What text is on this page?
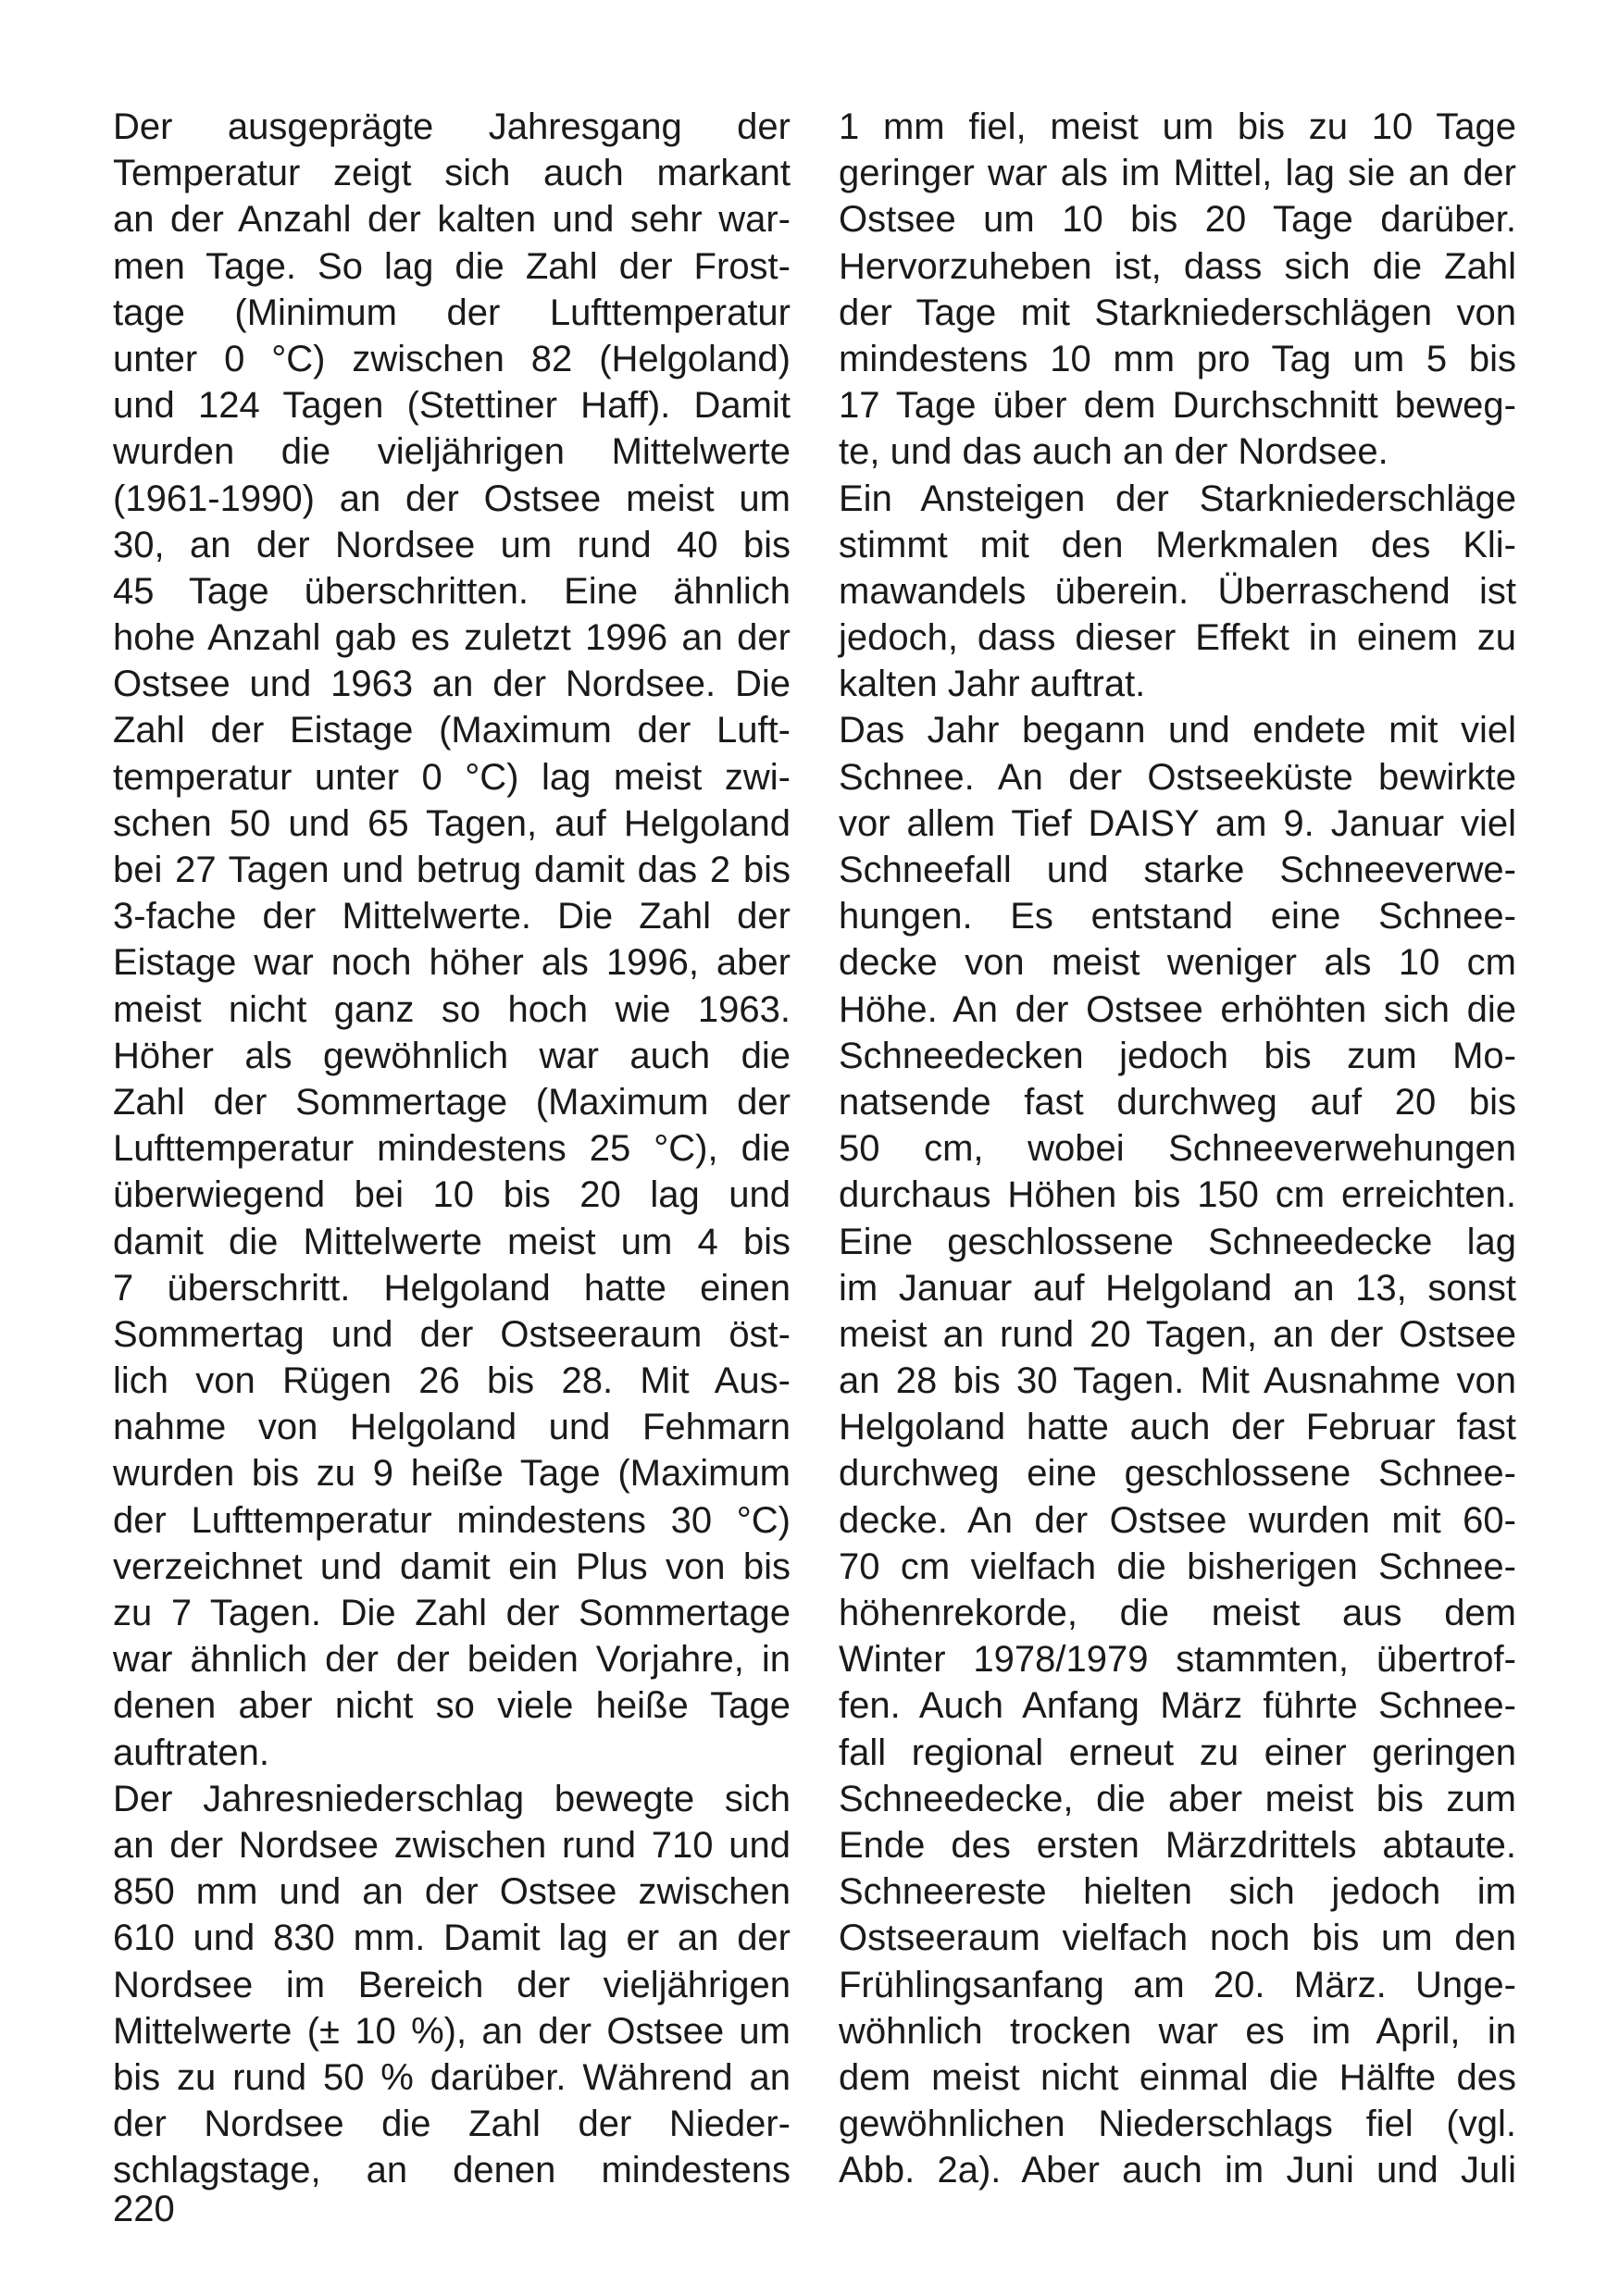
Der ausgeprägte Jahresgang der
Temperatur zeigt sich auch markant
an der Anzahl der kalten und sehr war-
men Tage. So lag die Zahl der Frost-
tage (Minimum der Lufttemperatur
unter 0 °C) zwischen 82 (Helgoland)
und 124 Tagen (Stettiner Haff). Damit
wurden die vieljährigen Mittelwerte
(1961-1990) an der Ostsee meist um
30, an der Nordsee um rund 40 bis
45 Tage überschritten. Eine ähnlich
hohe Anzahl gab es zuletzt 1996 an der
Ostsee und 1963 an der Nordsee. Die
Zahl der Eistage (Maximum der Luft-
temperatur unter 0 °C) lag meist zwi-
schen 50 und 65 Tagen, auf Helgoland
bei 27 Tagen und betrug damit das 2 bis
3-fache der Mittelwerte. Die Zahl der
Eistage war noch höher als 1996, aber
meist nicht ganz so hoch wie 1963.
Höher als gewöhnlich war auch die
Zahl der Sommertage (Maximum der
Lufttemperatur mindestens 25 °C), die
überwiegend bei 10 bis 20 lag und
damit die Mittelwerte meist um 4 bis
7 überschritt. Helgoland hatte einen
Sommertag und der Ostseeraum öst-
lich von Rügen 26 bis 28. Mit Aus-
nahme von Helgoland und Fehmarn
wurden bis zu 9 heiße Tage (Maximum
der Lufttemperatur mindestens 30 °C)
verzeichnet und damit ein Plus von bis
zu 7 Tagen. Die Zahl der Sommertage
war ähnlich der der beiden Vorjahre, in
denen aber nicht so viele heiße Tage
auftraten.
Der Jahresniederschlag bewegte sich
an der Nordsee zwischen rund 710 und
850 mm und an der Ostsee zwischen
610 und 830 mm. Damit lag er an der
Nordsee im Bereich der vieljährigen
Mittelwerte (± 10 %), an der Ostsee um
bis zu rund 50 % darüber. Während an
der Nordsee die Zahl der Nieder-
schlagstage, an denen mindestens
1 mm fiel, meist um bis zu 10 Tage
geringer war als im Mittel, lag sie an der
Ostsee um 10 bis 20 Tage darüber.
Hervorzuheben ist, dass sich die Zahl
der Tage mit Starkniederschlägen von
mindestens 10 mm pro Tag um 5 bis
17 Tage über dem Durchschnitt beweg-
te, und das auch an der Nordsee.
Ein Ansteigen der Starkniederschläge
stimmt mit den Merkmalen des Kli-
mawandels überein. Überraschend ist
jedoch, dass dieser Effekt in einem zu
kalten Jahr auftrat.
Das Jahr begann und endete mit viel
Schnee. An der Ostseeküste bewirkte
vor allem Tief DAISY am 9. Januar viel
Schneefall und starke Schneeverwe-
hungen. Es entstand eine Schnee-
decke von meist weniger als 10 cm
Höhe. An der Ostsee erhöhten sich die
Schneedecken jedoch bis zum Mo-
natsende fast durchweg auf 20 bis
50 cm, wobei Schneeverwehungen
durchaus Höhen bis 150 cm erreichten.
Eine geschlossene Schneedecke lag
im Januar auf Helgoland an 13, sonst
meist an rund 20 Tagen, an der Ostsee
an 28 bis 30 Tagen. Mit Ausnahme von
Helgoland hatte auch der Februar fast
durchweg eine geschlossene Schnee-
decke. An der Ostsee wurden mit 60-
70 cm vielfach die bisherigen Schnee-
höhenrekorde, die meist aus dem
Winter 1978/1979 stammten, übertrof-
fen. Auch Anfang März führte Schnee-
fall regional erneut zu einer geringen
Schneedecke, die aber meist bis zum
Ende des ersten Märzdrittels abtaute.
Schneereste hielten sich jedoch im
Ostseeraum vielfach noch bis um den
Frühlingsanfang am 20. März. Unge-
wöhnlich trocken war es im April, in
dem meist nicht einmal die Hälfte des
gewöhnlichen Niederschlags fiel (vgl.
Abb. 2a). Aber auch im Juni und Juli
220
